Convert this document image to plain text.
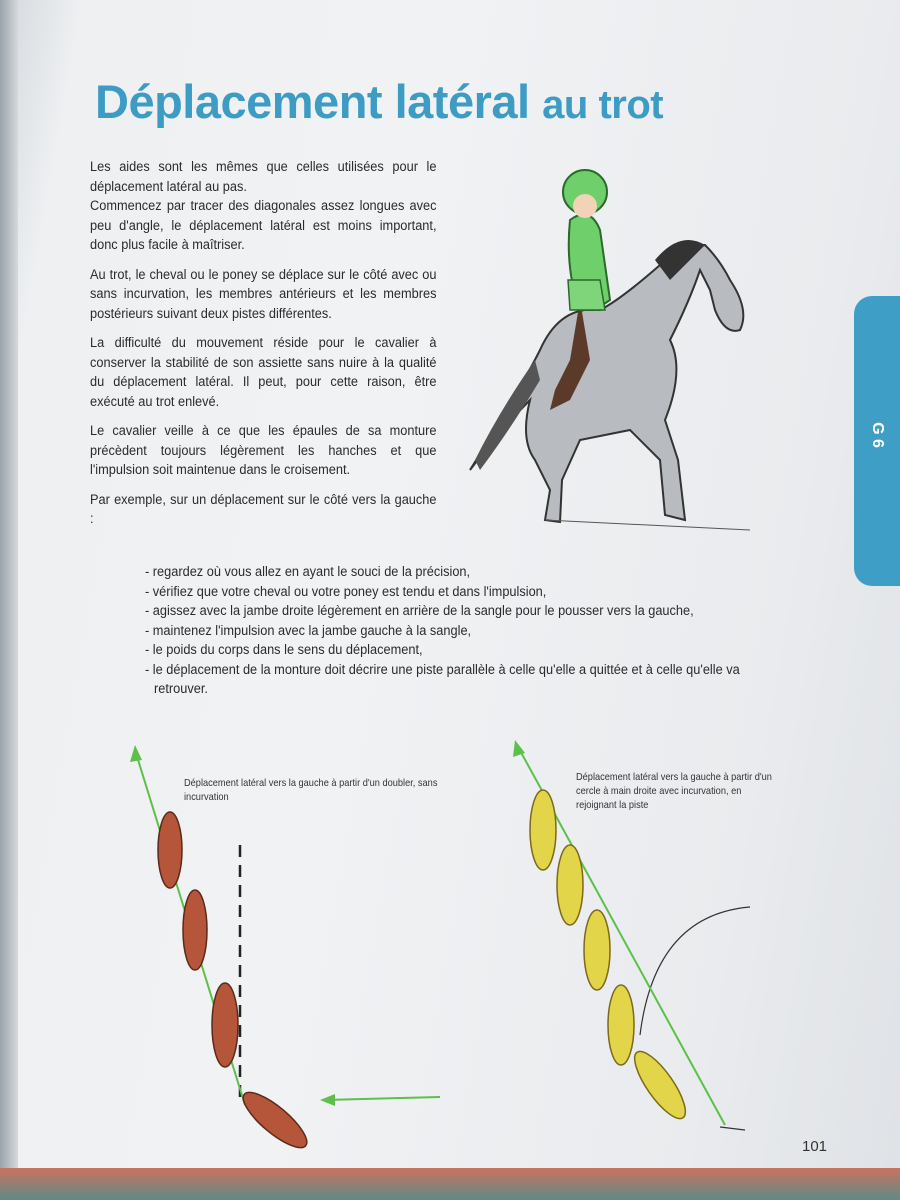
Déplacement latéral au trot

Les aides sont les mêmes que celles utilisées pour le déplacement latéral au pas.

Commencez par tracer des diagonales assez longues avec peu d'angle, le déplacement latéral est moins important, donc plus facile à maîtriser.

Au trot, le cheval ou le poney se déplace sur le côté avec ou sans incurvation, les membres antérieurs et les membres postérieurs suivant deux pistes différentes.

La difficulté du mouvement réside pour le cavalier à conserver la stabilité de son assiette sans nuire à la qualité du déplacement latéral. Il peut, pour cette raison, être exécuté au trot enlevé.

Le cavalier veille à ce que les épaules de sa monture précèdent toujours légèrement les hanches et que l'impulsion soit maintenue dans le croisement.

Par exemple, sur un déplacement sur le côté vers la gauche :

- regardez où vous allez en ayant le souci de la précision,
- vérifiez que votre cheval ou votre poney est tendu et dans l'impulsion,
- agissez avec la jambe droite légèrement en arrière de la sangle pour le pousser vers la gauche,
- maintenez l'impulsion avec la jambe gauche à la sangle,
- le poids du corps dans le sens du déplacement,
- le déplacement de la monture doit décrire une piste parallèle à celle qu'elle a quittée et à celle qu'elle va retrouver.
G 6
Déplacement latéral vers la gauche à partir d'un doubler, sans incurvation
Déplacement latéral vers la gauche à partir d'un cercle à main droite avec incurvation, en rejoignant la piste
101
